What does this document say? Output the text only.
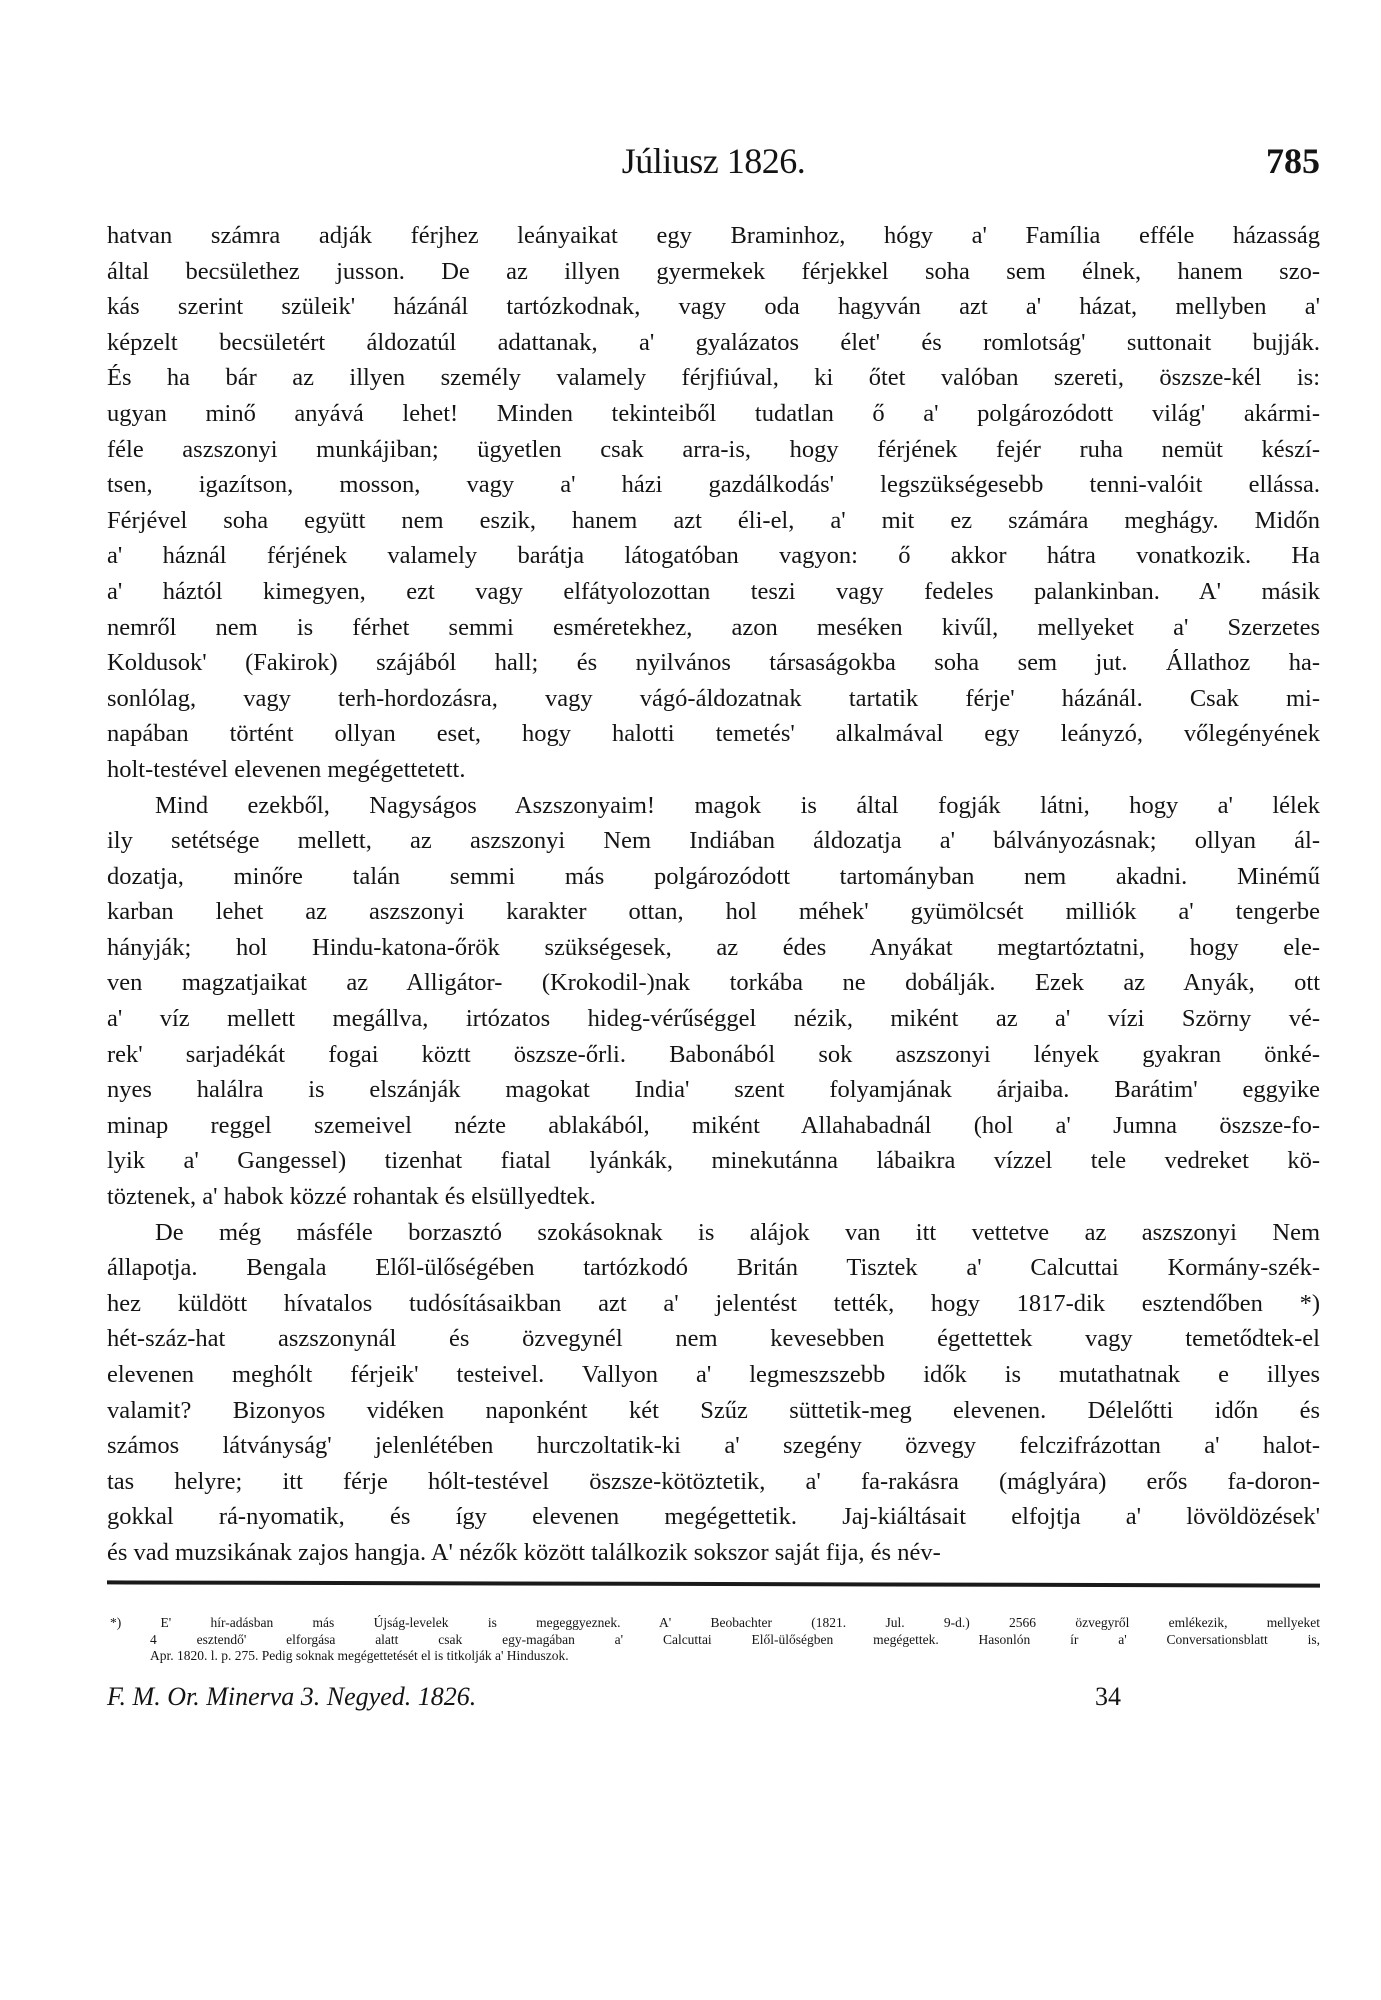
Júliusz 1826.	785
hatvan számra adják férjhez leányaikat egy Braminhoz, hógy a' Família efféle házasság
által becsülethez jusson. De az illyen gyermekek férjekkel soha sem élnek, hanem szo-
kás szerint szüleik' házánál tartózkodnak, vagy oda hagyván azt a' házat, mellyben a'
képzelt becsületért áldozatúl adattanak, a' gyalázatos élet' és romlotság' suttonait bujják.
És ha bár az illyen személy valamely férjfiúval, ki őtet valóban szereti, öszsze-kél is:
ugyan minő anyává lehet! Minden tekinteiből tudatlan ő a' polgározódott világ' akármi-
féle aszszonyi munkájiban; ügyetlen csak arra-is, hogy férjének fejér ruha nemüt készí-
tsen, igazítson, mosson, vagy a' házi gazdálkodás' legszükségesebb tenni-valóit ellássa.
Férjével soha együtt nem eszik, hanem azt éli-el, a' mit ez számára meghágy. Midőn
a' háznál férjének valamely barátja látogatóban vagyon: ő akkor hátra vonatkozik. Ha
a' háztól kimegyen, ezt vagy elfátyolozottan teszi vagy fedeles palankinban. A' másik
nemről nem is férhet semmi esméretekhez, azon meséken kivűl, mellyeket a' Szerzetes
Koldusok' (Fakirok) szájából hall; és nyilvános társaságokba soha sem jut. Állathoz ha-
sonlólag, vagy terh-hordozásra, vagy vágó-áldozatnak tartatik férje' házánál. Csak mi-
napában történt ollyan eset, hogy halotti temetés' alkalmával egy leányzó, vőlegényének
holt-testével elevenen megégettetett.
Mind ezekből, Nagyságos Aszszonyaim! magok is által fogják látni, hogy a' lélek
ily setétsége mellett, az aszszonyi Nem Indiában áldozatja a' bálványozásnak; ollyan ál-
dozatja, minőre talán semmi más polgározódott tartományban nem akadni. Minémű
karban lehet az aszszonyi karakter ottan, hol méhek' gyümölcsét milliók a' tengerbe
hányják; hol Hindu-katona-őrök szükségesek, az édes Anyákat megtartóztatni, hogy ele-
ven magzatjaikat az Alligátor- (Krokodil-)nak torkába ne dobálják. Ezek az Anyák, ott
a' víz mellett megállva, irtózatos hideg-vérűséggel nézik, miként az a' vízi Szörny vé-
rek' sarjadékát fogai köztt öszsze-őrli. Babonából sok aszszonyi lények gyakran önké-
nyes halálra is elszánják magokat India' szent folyamjának árjaiba. Barátim' eggyike
minap reggel szemeivel nézte ablakából, miként Allahabadnál (hol a' Jumna öszsze-fo-
lyik a' Gangessel) tizenhat fiatal lyánkák, minekutánna lábaikra vízzel tele vedreket kö-
töztenek, a' habok közzé rohantak és elsüllyedtek.
De még másféle borzasztó szokásoknak is alájok van itt vettetve az aszszonyi Nem
állapotja. Bengala Elől-ülőségében tartózkodó Britán Tisztek a' Calcuttai Kormány-szék-
hez küldött hívatalos tudósításaikban azt a' jelentést tették, hogy 1817-dik esztendőben *)
hét-száz-hat aszszonynál és özvegynél nem kevesebben égettettek vagy temetődtek-el
elevenen meghólt férjeik' testeivel. Vallyon a' legmeszszebb idők is mutathatnak e illyes
valamit? Bizonyos vidéken naponként két Szűz süttetik-meg elevenen. Délelőtti időn és
számos látványság' jelenlétében hurczoltatik-ki a' szegény özvegy felczifrázottan a' halot-
tas helyre; itt férje hólt-testével öszsze-kötöztetik, a' fa-rakásra (máglyára) erős fa-doron-
gokkal rá-nyomatik, és így elevenen megégettetik. Jaj-kiáltásait elfojtja a' lövöldözések'
és vad muzsikának zajos hangja. A' nézők között találkozik sokszor saját fija, és név-
*) E' hír-adásban más Újság-levelek is megeggyeznek. A' Beobachter (1821. Jul. 9-d.) 2566 özvegyről emlékezik, mellyeket
4 esztendő' elforgása alatt csak egy-magában a' Calcuttai Elől-ülőségben megégettek. Hasonlón ír a' Conversationsblatt is,
Apr. 1820. l. p. 275. Pedig soknak megégettetését el is titkolják a' Hinduszok.
F. M. Or. Minerva 3. Negyed. 1826.	34
